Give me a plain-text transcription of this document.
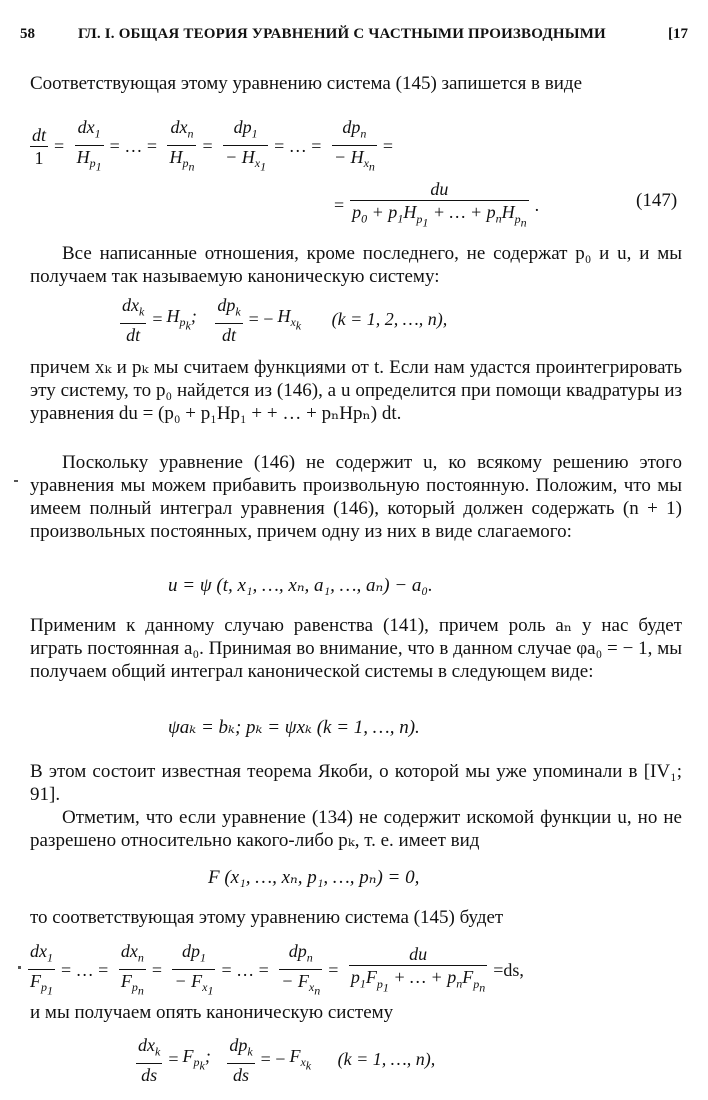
58	ГЛ. I. ОБЩАЯ ТЕОРИЯ УРАВНЕНИЙ С ЧАСТНЫМИ ПРОИЗВОДНЫМИ	[17
Соответствующая этому уравнению система (145) запишется в виде
$\frac{dt}{1} = \frac{dx_1}{H_{p_1}}$ = … = $\frac{dx_n}{H_{p_n}} = \frac{dp_1}{- H_{x_1}}$ = … = $\frac{dp_n}{- H_{x_n}}$ =
= $\frac{du}{p_0 + p_1H_{p_1} + \dots + p_nH_{p_n}}$ .	(147)
Все написанные отношения, кроме последнего, не содержат p₀ и u, и мы получаем так называемую каноническую систему:
$\frac{dx_k}{dt} = H_{p_k}$; $\frac{dp_k}{dt}$ = − $H_{x_k}$ (k = 1, 2, …, n),
причем xₖ и pₖ мы считаем функциями от t. Если нам удастся проинтегрировать эту систему, то p₀ найдется из (146), а u определится при помощи квадратуры из уравнения du = (p₀ + p₁Hp₁ + + … + pₙHpₙ) dt.
Поскольку уравнение (146) не содержит u, ко всякому решению этого уравнения мы можем прибавить произвольную постоянную. Положим, что мы имеем полный интеграл уравнения (146), который должен содержать (n + 1) произвольных постоянных, причем одну из них в виде слагаемого:
u = ψ (t, x₁, …, xₙ, a₁, …, aₙ) − a₀.
Применим к данному случаю равенства (141), причем роль aₙ у нас будет играть постоянная a₀. Принимая во внимание, что в данном случае φa₀ = − 1, мы получаем общий интеграл канонической системы в следующем виде:
ψaₖ = bₖ; pₖ = ψxₖ (k = 1, …, n).
В этом состоит известная теорема Якоби, о которой мы уже упоминали в [IV₁; 91].
Отметим, что если уравнение (134) не содержит искомой функции u, но не разрешено относительно какого-либо pₖ, т. е. имеет вид
F (x₁, …, xₙ, p₁, …, pₙ) = 0,
то соответствующая этому уравнению система (145) будет
$\frac{dx_1}{F_{p_1}}$ = … = $\frac{dx_n}{F_{p_n}} = \frac{dp_1}{- F_{x_1}}$ = … = $\frac{dp_n}{- F_{x_n}} = \frac{du}{p_1F_{p_1} + \dots + p_nF_{p_n}} =ds$,
и мы получаем опять каноническую систему
$\frac{dx_k}{ds} = F_{p_k}$; $\frac{dp_k}{ds}$ = − $F_{x_k}$ (k = 1, …, n),
